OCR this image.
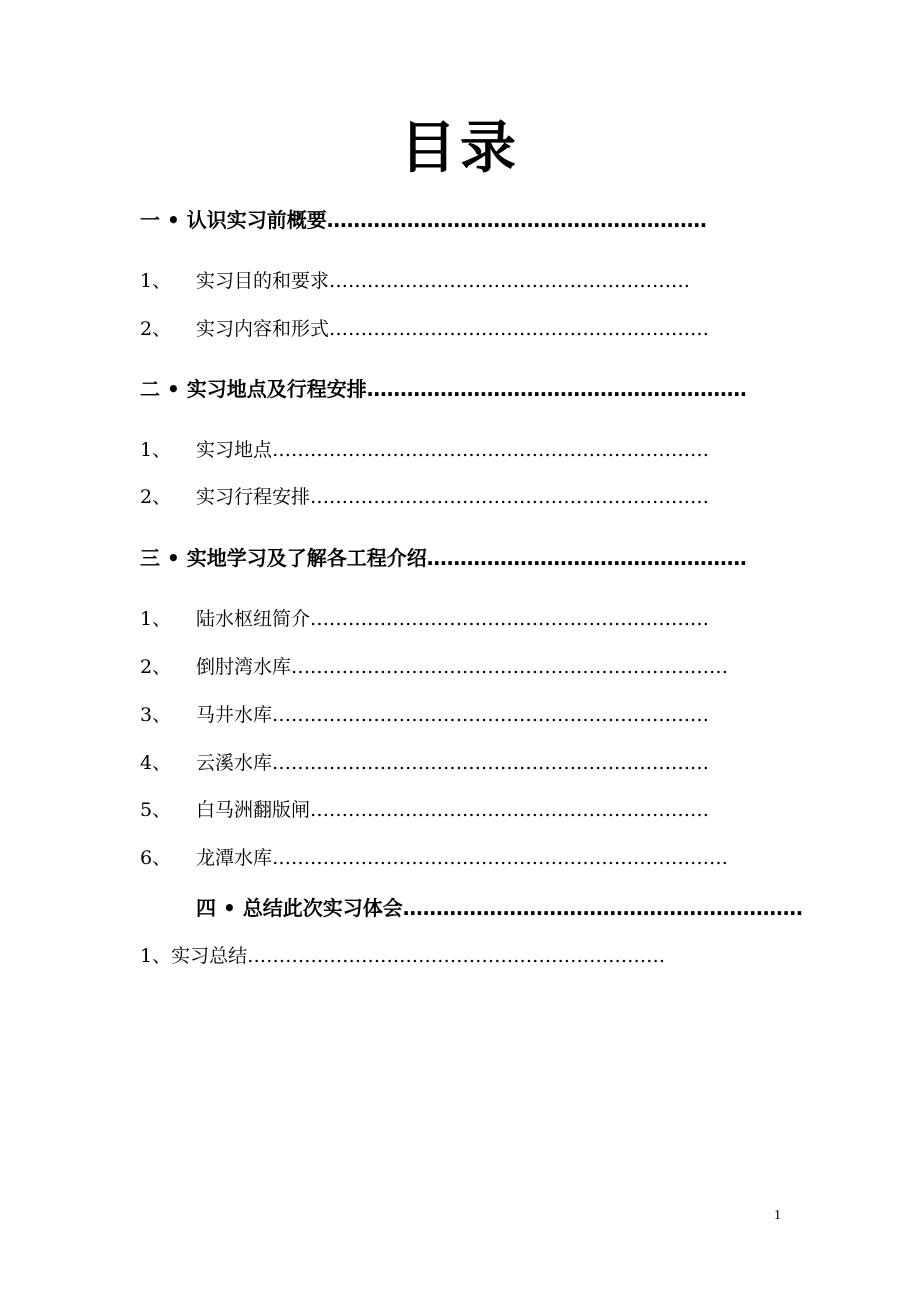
目录
一 • 认识实习前概要…………………………………………………
1、 实习目的和要求…………………………………………………
2、 实习内容和形式……………………………………………………
二 • 实习地点及行程安排…………………………………………………
1、 实习地点……………………………………………………………
2、 实习行程安排………………………………………………………
三 • 实地学习及了解各工程介绍…………………………………………
1、 陆水枢纽简介………………………………………………………
2、 倒肘湾水库……………………………………………………………
3、 马井水库……………………………………………………………
4、 云溪水库……………………………………………………………
5、 白马洲翻版闸………………………………………………………
6、 龙潭水库………………………………………………………………
四 • 总结此次实习体会……………………………………………………
1、实习总结…………………………………………………………
1
